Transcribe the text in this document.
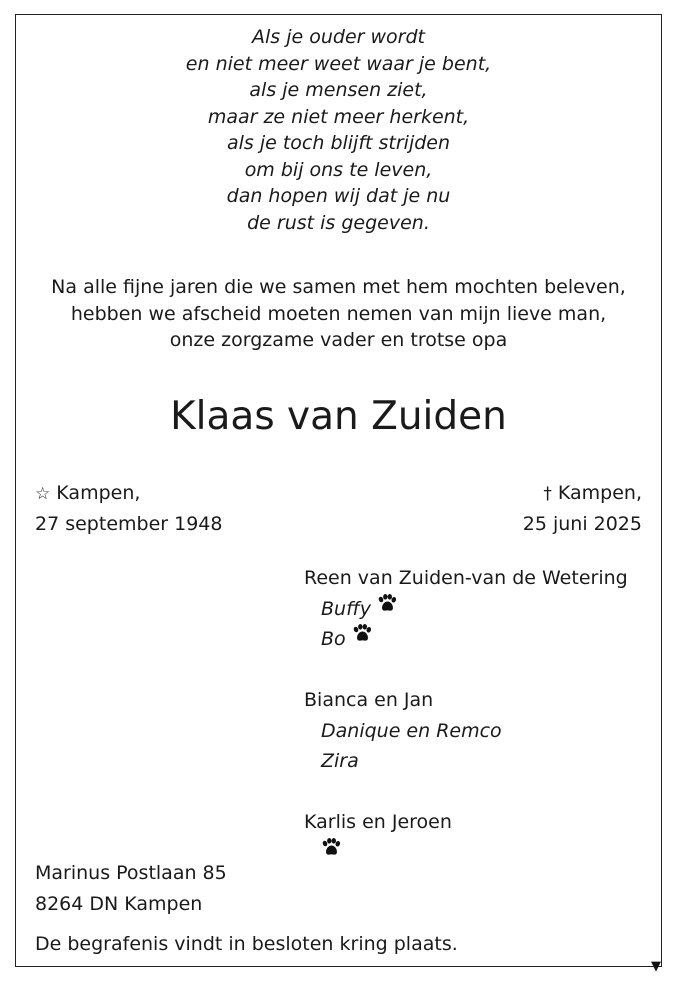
▼
Als je ouder wordt
en niet meer weet waar je bent,
als je mensen ziet,
maar ze niet meer herkent,
als je toch blijft strijden
om bij ons te leven,
dan hopen wij dat je nu
de rust is gegeven.
Na alle fijne jaren die we samen met hem mochten beleven,
hebben we afscheid moeten nemen van mijn lieve man,
onze zorgzame vader en trotse opa
Klaas van Zuiden
☆ Kampen,
27 september 1948
† Kampen,
25 juni 2025
Reen van Zuiden-van de Wetering
Buffy
Bo
Bianca en Jan
Danique en Remco
Zira
Karlis en Jeroen
Marinus Postlaan 85
8264 DN Kampen
De begrafenis vindt in besloten kring plaats.
